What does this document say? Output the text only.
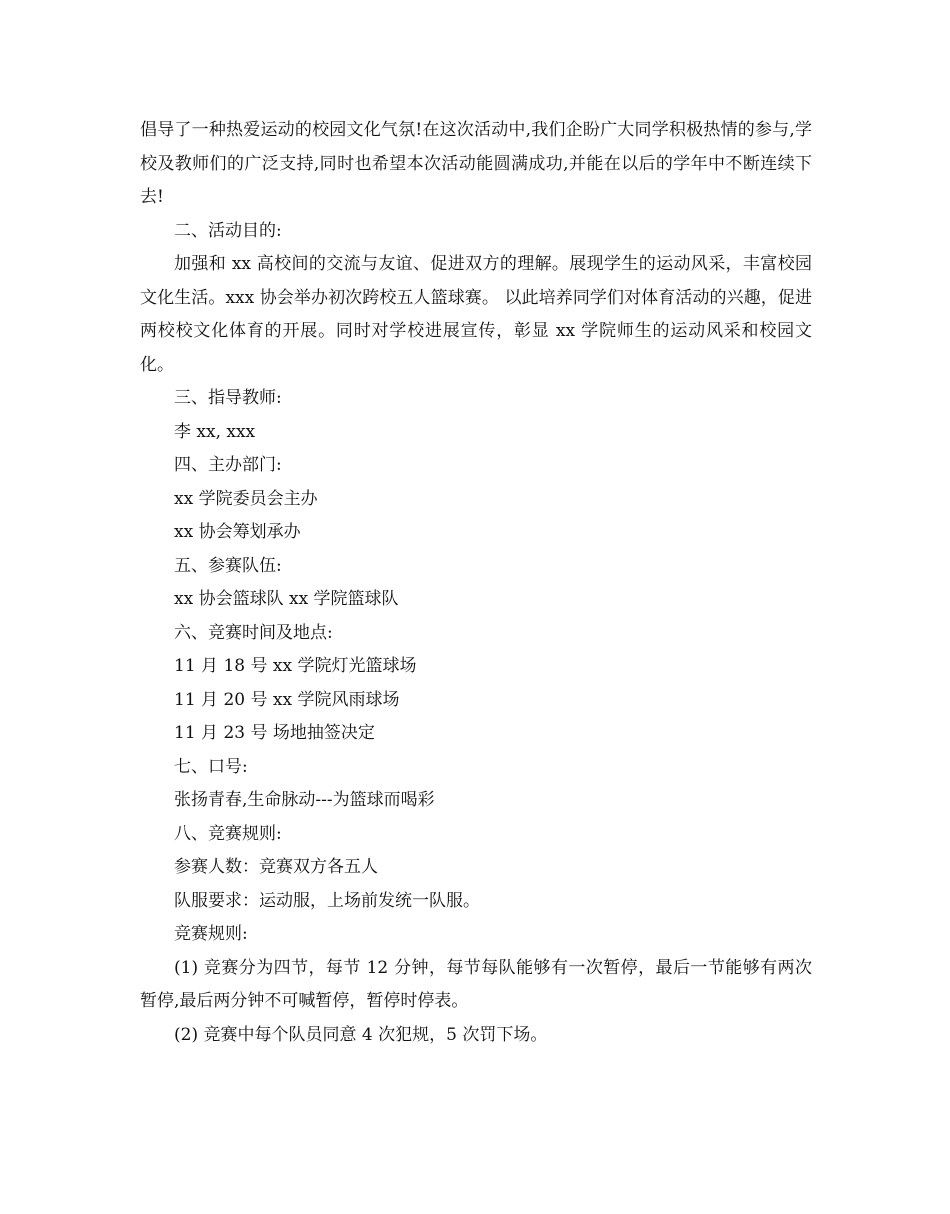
倡导了一种热爱运动的校园文化气氛!在这次活动中,我们企盼广大同学积极热情的参与,学校及教师们的广泛支持,同时也希望本次活动能圆满成功,并能在以后的学年中不断连续下去!

二、活动目的:

加强和 xx 高校间的交流与友谊、促进双方的理解。展现学生的运动风采，丰富校园文化生活。xxx 协会举办初次跨校五人篮球赛。 以此培养同学们对体育活动的兴趣，促进两校校文化体育的开展。同时对学校进展宣传，彰显 xx 学院师生的运动风采和校园文化。

三、指导教师:

李 xx, xxx

四、主办部门:

xx 学院委员会主办

xx 协会筹划承办

五、参赛队伍:

xx 协会篮球队 xx 学院篮球队

六、竞赛时间及地点:

11 月 18 号 xx 学院灯光篮球场

11 月 20 号 xx 学院风雨球场

11 月 23 号 场地抽签决定

七、口号:

张扬青春,生命脉动---为篮球而喝彩

八、竞赛规则:

参赛人数：竞赛双方各五人

队服要求：运动服，上场前发统一队服。

竞赛规则:

(1) 竞赛分为四节，每节 12 分钟，每节每队能够有一次暂停，最后一节能够有两次暂停,最后两分钟不可喊暂停，暂停时停表。

(2) 竞赛中每个队员同意 4 次犯规，5 次罚下场。
